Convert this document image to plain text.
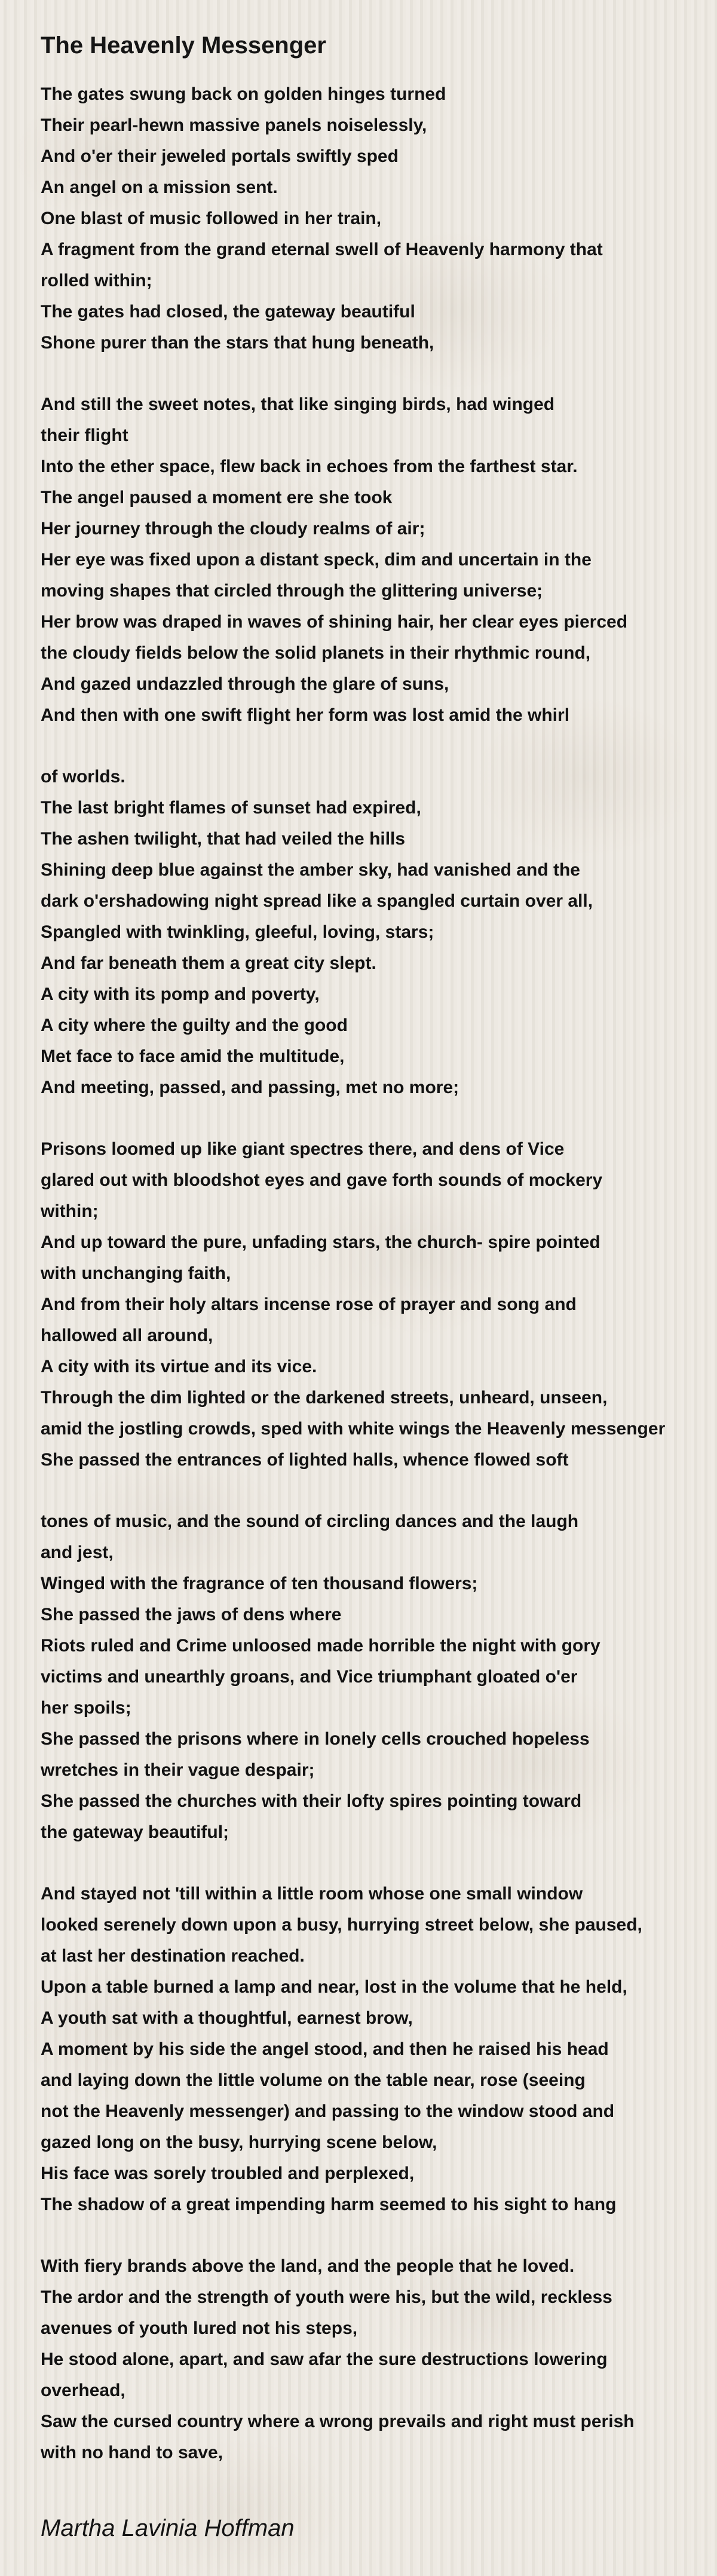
The Heavenly Messenger
The gates swung back on golden hinges turned
Their pearl-hewn massive panels noiselessly,
And o'er their jeweled portals swiftly sped
An angel on a mission sent.
One blast of music followed in her train,
A fragment from the grand eternal swell of Heavenly harmony that
rolled within;
The gates had closed, the gateway beautiful
Shone purer than the stars that hung beneath,
And still the sweet notes, that like singing birds, had winged
their flight
Into the ether space, flew back in echoes from the farthest star.
The angel paused a moment ere she took
Her journey through the cloudy realms of air;
Her eye was fixed upon a distant speck, dim and uncertain in the
moving shapes that circled through the glittering universe;
Her brow was draped in waves of shining hair, her clear eyes pierced
the cloudy fields below the solid planets in their rhythmic round,
And gazed undazzled through the glare of suns,
And then with one swift flight her form was lost amid the whirl
of worlds.
The last bright flames of sunset had expired,
The ashen twilight, that had veiled the hills
Shining deep blue against the amber sky, had vanished and the
dark o'ershadowing night spread like a spangled curtain over all,
Spangled with twinkling, gleeful, loving, stars;
And far beneath them a great city slept.
A city with its pomp and poverty,
A city where the guilty and the good
Met face to face amid the multitude,
And meeting, passed, and passing, met no more;
Prisons loomed up like giant spectres there, and dens of Vice
glared out with bloodshot eyes and gave forth sounds of mockery
within;
And up toward the pure, unfading stars, the church- spire pointed
with unchanging faith,
And from their holy altars incense rose of prayer and song and
hallowed all around,
A city with its virtue and its vice.
Through the dim lighted or the darkened streets, unheard, unseen,
amid the jostling crowds, sped with white wings the Heavenly messenger
She passed the entrances of lighted halls, whence flowed soft
tones of music, and the sound of circling dances and the laugh
and jest,
Winged with the fragrance of ten thousand flowers;
She passed the jaws of dens where
Riots ruled and Crime unloosed made horrible the night with gory
victims and unearthly groans, and Vice triumphant gloated o'er
her spoils;
She passed the prisons where in lonely cells crouched hopeless
wretches in their vague despair;
She passed the churches with their lofty spires pointing toward
the gateway beautiful;
And stayed not 'till within a little room whose one small window
looked serenely down upon a busy, hurrying street below, she paused,
at last her destination reached.
Upon a table burned a lamp and near, lost in the volume that he held,
A youth sat with a thoughtful, earnest brow,
A moment by his side the angel stood, and then he raised his head
and laying down the little volume on the table near, rose (seeing
not the Heavenly messenger) and passing to the window stood and
gazed long on the busy, hurrying scene below,
His face was sorely troubled and perplexed,
The shadow of a great impending harm seemed to his sight to hang
With fiery brands above the land, and the people that he loved.
The ardor and the strength of youth were his, but the wild, reckless
avenues of youth lured not his steps,
He stood alone, apart, and saw afar the sure destructions lowering
overhead,
Saw the cursed country where a wrong prevails and right must perish
with no hand to save,
Martha Lavinia Hoffman
